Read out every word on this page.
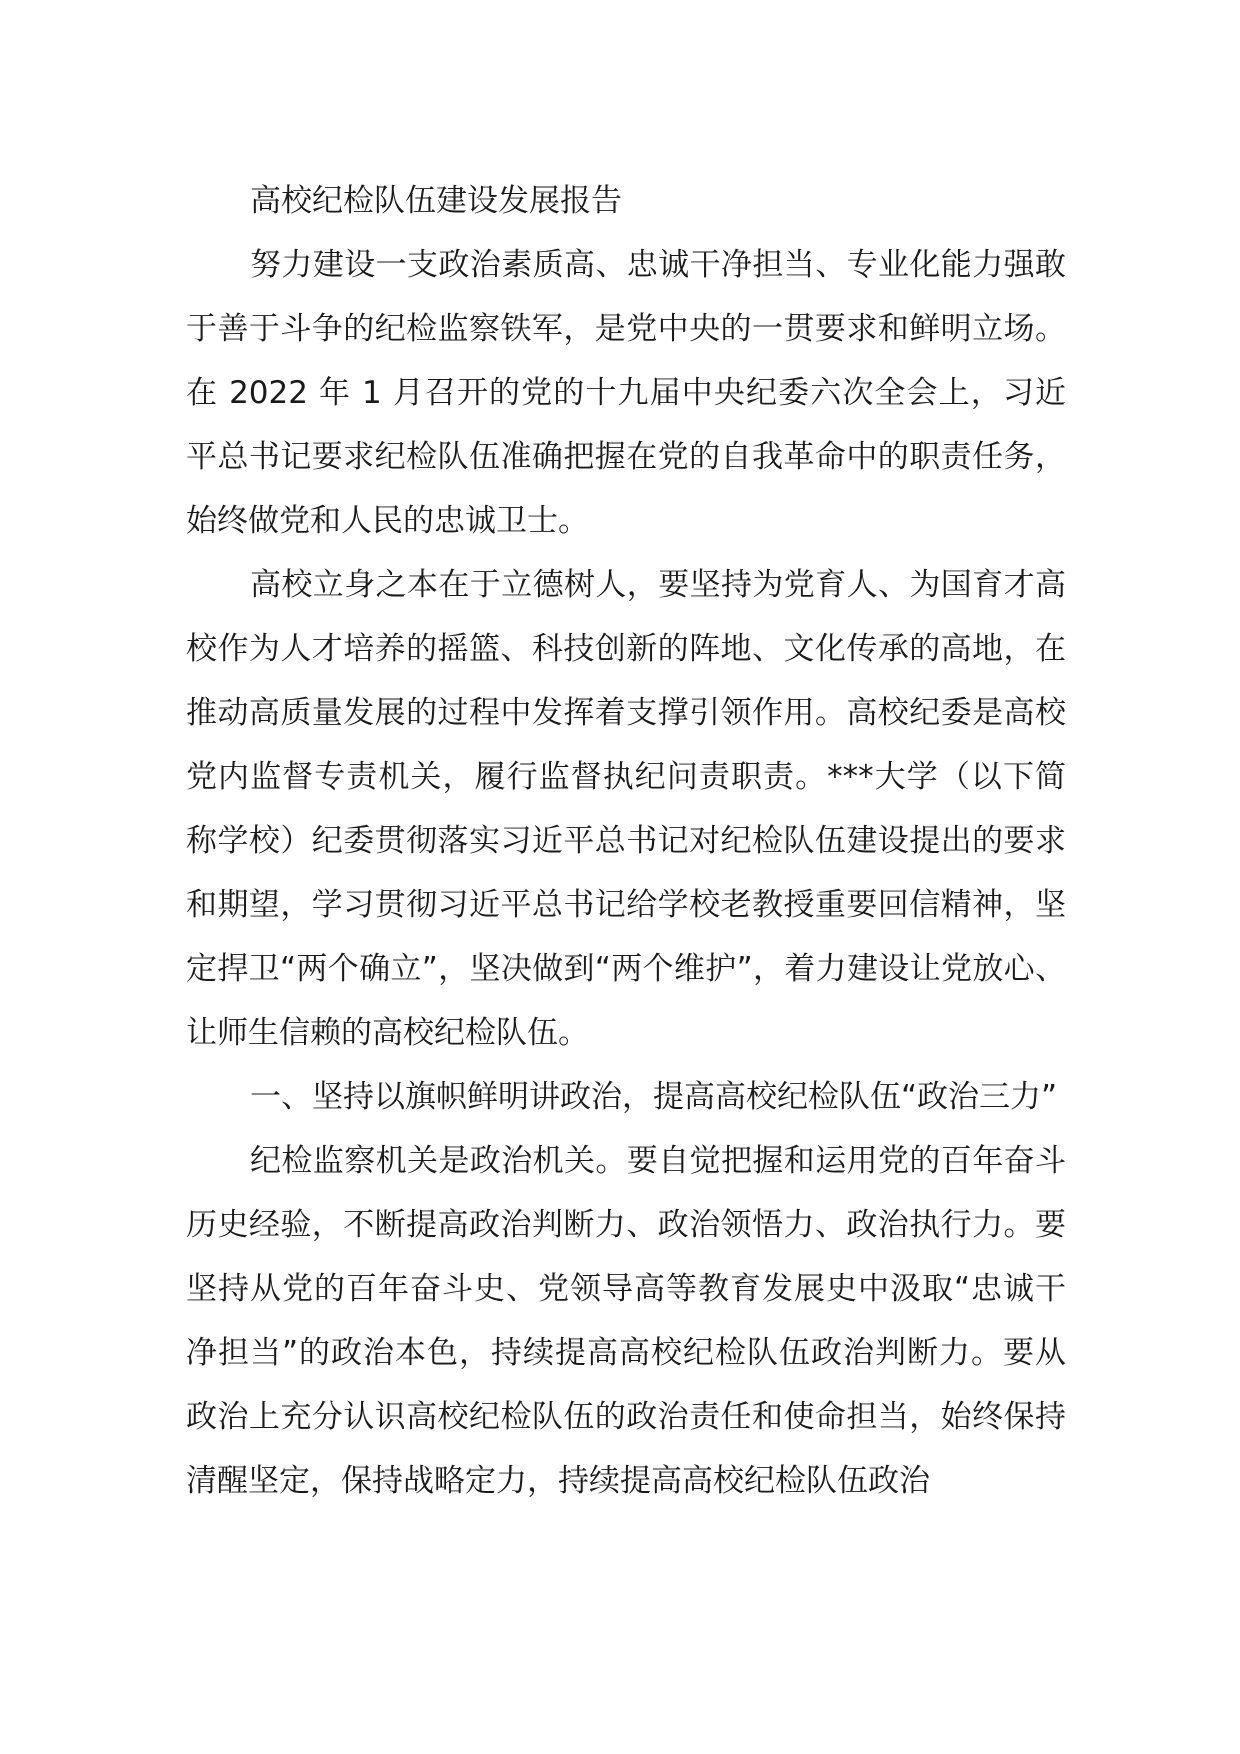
高校纪检队伍建设发展报告

努力建设一支政治素质高、忠诚干净担当、专业化能力强敢于善于斗争的纪检监察铁军，是党中央的一贯要求和鲜明立场。在 2022 年 1 月召开的党的十九届中央纪委六次全会上，习近平总书记要求纪检队伍准确把握在党的自我革命中的职责任务，始终做党和人民的忠诚卫士。

高校立身之本在于立德树人，要坚持为党育人、为国育才高校作为人才培养的摇篮、科技创新的阵地、文化传承的高地，在推动高质量发展的过程中发挥着支撑引领作用。高校纪委是高校党内监督专责机关，履行监督执纪问责职责。***大学（以下简称学校）纪委贯彻落实习近平总书记对纪检队伍建设提出的要求和期望，学习贯彻习近平总书记给学校老教授重要回信精神，坚定捍卫“两个确立”，坚决做到“两个维护”，着力建设让党放心、让师生信赖的高校纪检队伍。

一、坚持以旗帜鲜明讲政治，提高高校纪检队伍“政治三力”

纪检监察机关是政治机关。要自觉把握和运用党的百年奋斗历史经验，不断提高政治判断力、政治领悟力、政治执行力。要坚持从党的百年奋斗史、党领导高等教育发展史中汲取“忠诚干净担当”的政治本色，持续提高高校纪检队伍政治判断力。要从政治上充分认识高校纪检队伍的政治责任和使命担当，始终保持清醒坚定，保持战略定力，持续提高高校纪检队伍政治
